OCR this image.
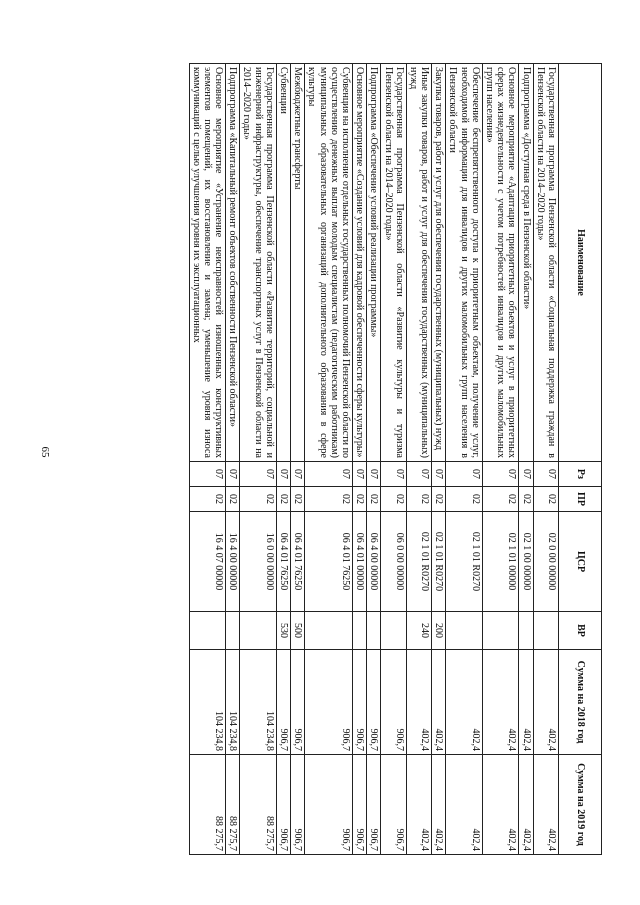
65
Наименование	Рз	ПР	ЦСР	ВР	Сумма на 2018 год	Сумма на 2019 год
Государственная программа Пензенской области «Социальная поддержка граждан в Пензенской области на 2014–2020 годы»	07	02	02 0 00 00000		402,4	402,4
Подпрограмма «Доступная среда в Пензенской области»	07	02	02 1 00 00000		402,4	402,4
Основное мероприятие «Адаптация приоритетных объектов и услуг в приоритетных сферах жизнедеятельности с учетом потребностей инвалидов и других маломобильных групп населения»	07	02	02 1 01 00000		402,4	402,4
Обеспечение беспрепятственного доступа к приоритетным объектам, получение услуг, необходимой информации для инвалидов и других маломобильных групп населения в Пензенской области	07	02	02 1 01 R0270		402,4	402,4
Закупка товаров, работ и услуг для обеспечения государственных (муниципальных) нужд	07	02	02 1 01 R0270	200	402,4	402,4
Иные закупки товаров, работ и услуг для обеспечения государственных (муниципальных) нужд	07	02	02 1 01 R0270	240	402,4	402,4
Государственная программа Пензенской области «Развитие культуры и туризма Пензенской области на 2014–2020 годы»	07	02	06 0 00 00000		906,7	906,7
Подпрограмма «Обеспечение условий реализации программы»	07	02	06 4 00 00000		906,7	906,7
Основное мероприятие «Создание условий для кадровой обеспеченности сферы культуры»	07	02	06 4 01 00000		906,7	906,7
Субвенция на исполнение отдельных государственных полномочий Пензенской области по осуществлению денежных выплат молодым специалистам (педагогическим работникам) муниципальных образовательных организаций дополнительного образования в сфере культуры	07	02	06 4 01 76250		906,7	906,7
Межбюджетные трансферты	07	02	06 4 01 76250	500	906,7	906,7
Субвенции	07	02	06 4 01 76250	530	906,7	906,7
Государственная программа Пензенской области «Развитие территорий, социальной и инженерной инфраструктуры, обеспечение транспортных услуг в Пензенской области на 2014–2020 годы»	07	02	16 0 00 00000		104 234,8	88 275,7
Подпрограмма «Капитальный ремонт объектов собственности Пензенской области»	07	02	16 4 00 00000		104 234,8	88 275,7
Основное мероприятие «Устранение неисправностей изношенных конструктивных элементов помещений, их восстановление и замена; уменьшение уровня износа коммуникаций с целью улучшения уровня их эксплуатационных	07	02	16 4 07 00000		104 234,8	88 275,7
